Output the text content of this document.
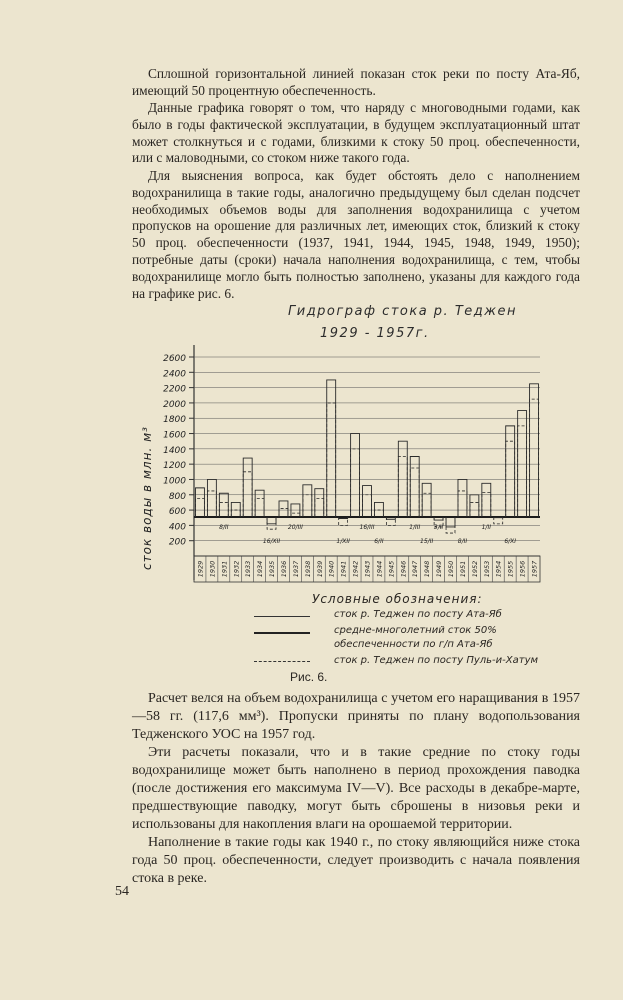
Сплошной горизонтальной линией показан сток реки по посту Ата-Яб, имеющий 50 процентную обеспеченность.

Данные графика говорят о том, что наряду с многоводными годами, как было в годы фактической эксплуатации, в будущем эксплуатационный штат может столкнуться и с годами, близкими к стоку 50 проц. обеспеченности, или с маловодными, со стоком ниже такого года.

Для выяснения вопроса, как будет обстоять дело с наполнением водохранилища в такие годы, аналогично предыдущему был сделан подсчет необходимых объемов воды для заполнения водохранилища с учетом пропусков на орошение для различных лет, имеющих сток, близкий к стоку 50 проц. обеспеченности (1937, 1941, 1944, 1945, 1948, 1949, 1950); потребные даты (сроки) начала наполнения водохранилища, с тем, чтобы водохранилище могло быть полностью заполнено, указаны для каждого года на графике рис. 6.

Гидрограф стока р. Теджен
1929 - 1957г.
сток воды в млн. м³ 200
400
600
800
1000
1200
1400
1600
1800
2000
2200
2400
2600
1929 1930 1931 1932 1933 1934 1935 1936 1937 1938 1939 1940 1941 1942 1943 1944 1945 1946 1947 1948 1949 1950 1951 1952 1953 1954 1955 1956 1957
8/II
16/XII
20/III
1/XII
16/III
6/II
1/III
15/II
3/II
8/II
1/II
6/XI
Условные обозначения:
сток р. Теджен по посту Ата-Яб
средне-многолетний сток 50% обеспеченности по г/п Ата-Яб
сток р. Теджен по посту Пуль-и-Хатум
Рис. 6.

Расчет велся на объем водохранилища с учетом его наращивания в 1957—58 гг. (117,6 мм³). Пропуски приняты по плану водопользования Тедженского УОС на 1957 год.

Эти расчеты показали, что и в такие средние по стоку годы водохранилище может быть наполнено в период прохождения паводка (после достижения его максимума IV—V). Все расходы в декабре-марте, предшествующие паводку, могут быть сброшены в низовья реки и использованы для накопления влаги на орошаемой территории.

Наполнение в такие годы как 1940 г., по стоку являющийся ниже стока года 50 проц. обеспеченности, следует производить с начала появления стока в реке.

54
